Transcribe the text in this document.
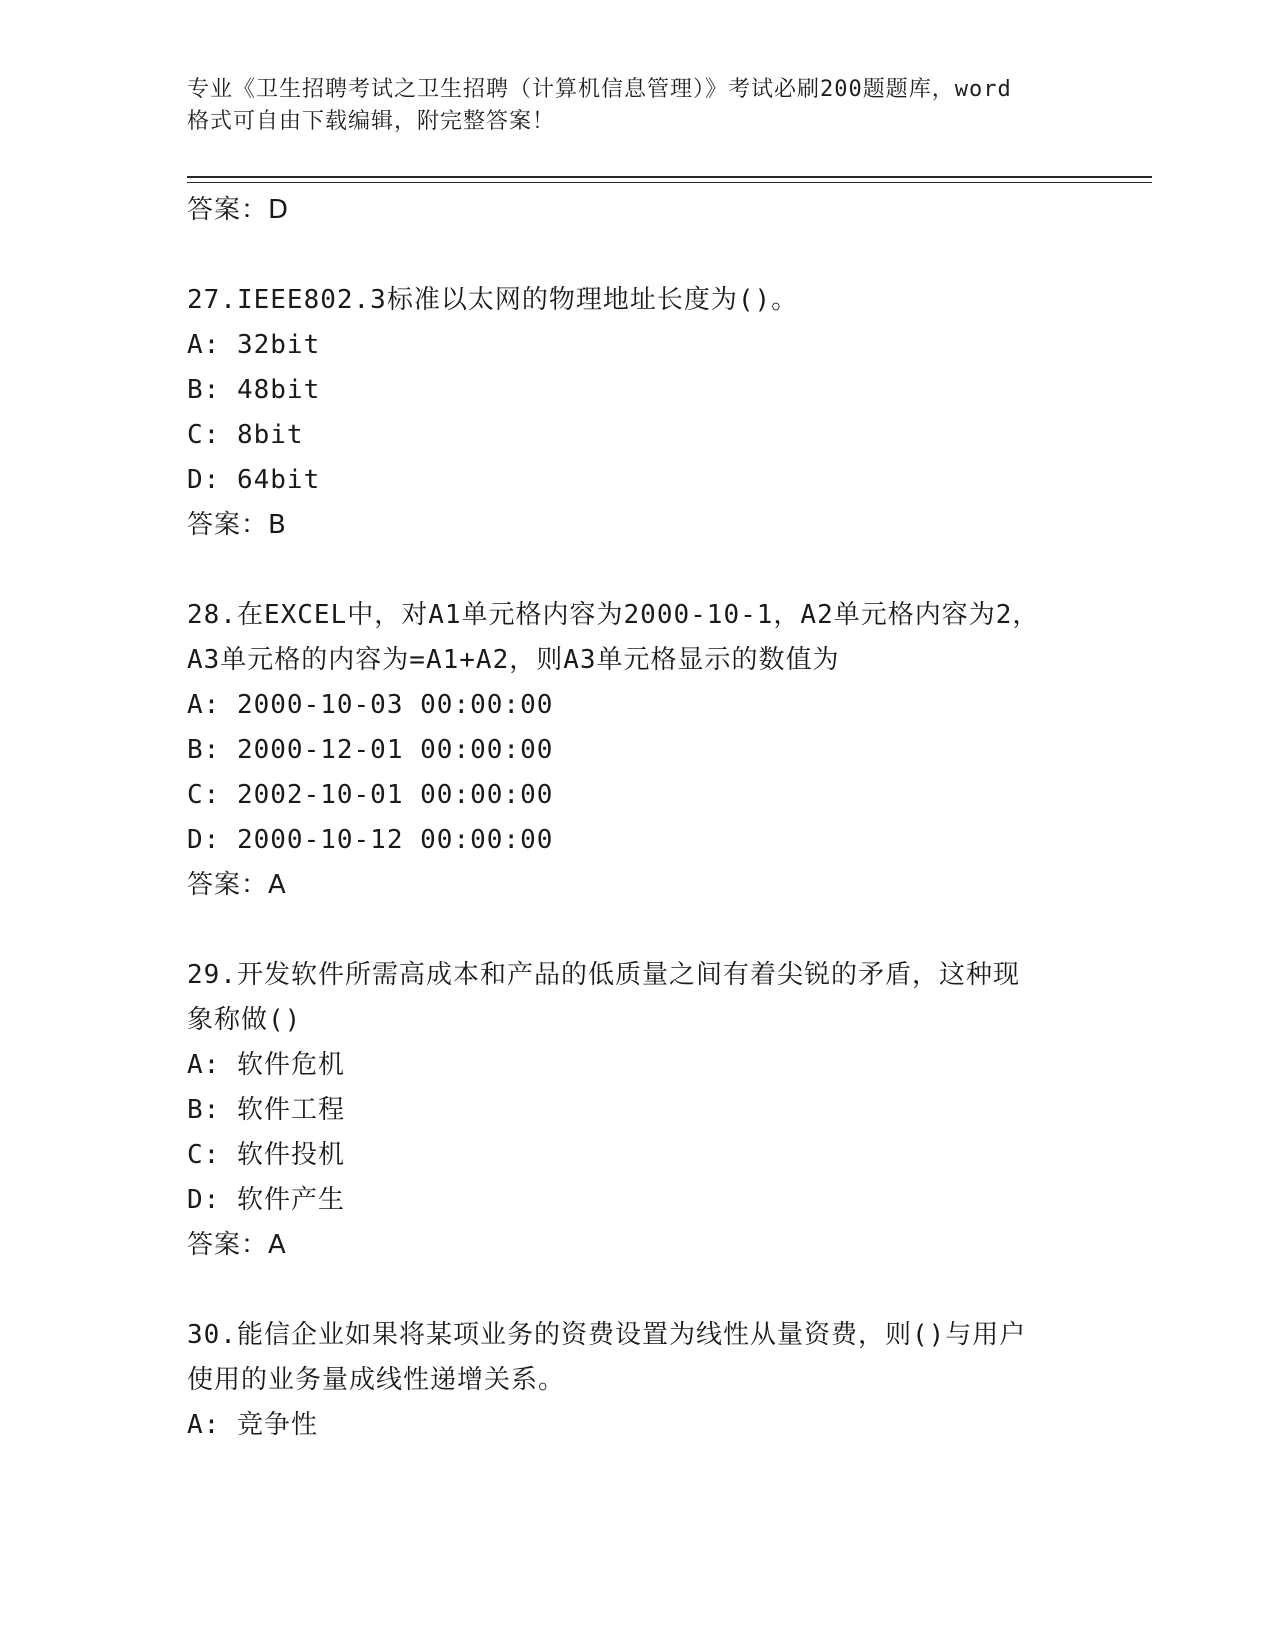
专业《卫生招聘考试之卫生招聘（计算机信息管理）》考试必刷200题题库，word
格式可自由下载编辑，附完整答案！
答案：D
27.IEEE802.3标准以太网的物理地址长度为()。
A: 32bit
B: 48bit
C: 8bit
D: 64bit
答案：B
28.在EXCEL中，对A1单元格内容为2000-10-1，A2单元格内容为2，
A3单元格的内容为=A1+A2，则A3单元格显示的数值为
A: 2000-10-03 00:00:00
B: 2000-12-01 00:00:00
C: 2002-10-01 00:00:00
D: 2000-10-12 00:00:00
答案：A
29.开发软件所需高成本和产品的低质量之间有着尖锐的矛盾，这种现
象称做()
A: 软件危机
B: 软件工程
C: 软件投机
D: 软件产生
答案：A
30.能信企业如果将某项业务的资费设置为线性从量资费，则()与用户
使用的业务量成线性递增关系。
A: 竞争性
